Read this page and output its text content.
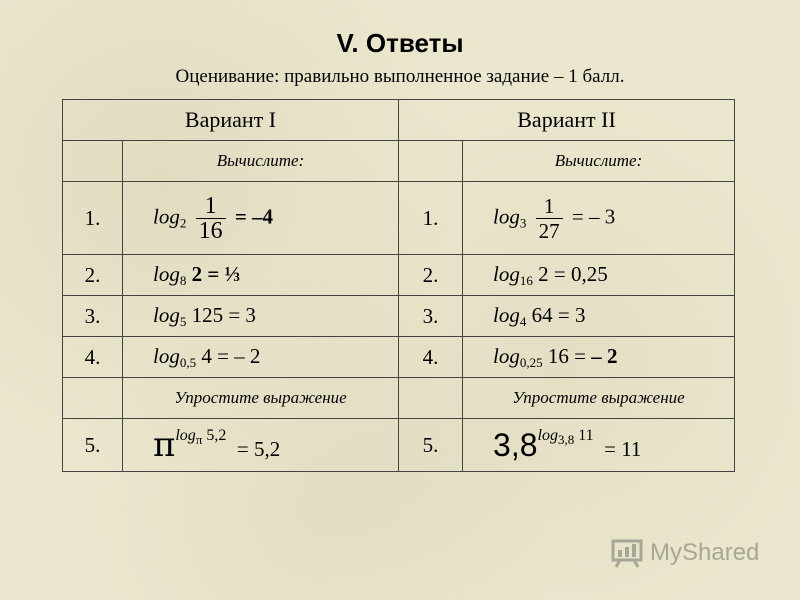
V. Ответы
Оценивание: правильно выполненное задание – 1 балл.
Вариант I		Вариант II	
	Вычислите:		Вычислите:
1.	$\log_2 \frac{1}{16} = -4$	1.	$\log_3 \frac{1}{27}$ = – 3
2.	$\log_8 2$ = ⅓	2.	$\log_{16} 2 = 0,25$
3.	$\log_5 125 = 3$	3.	$\log_4 64 = 3$
4.	$\log_{0,5} 4$ = – 2	4.	$\log_{0,25} 16$ = – 2
	Упростите выражение		Упростите выражение
5.	$\pi^{log_\pi 5,2} = 5,2$	5.	$3,8^{log_{3,8} 11} = 11$
MyShared
